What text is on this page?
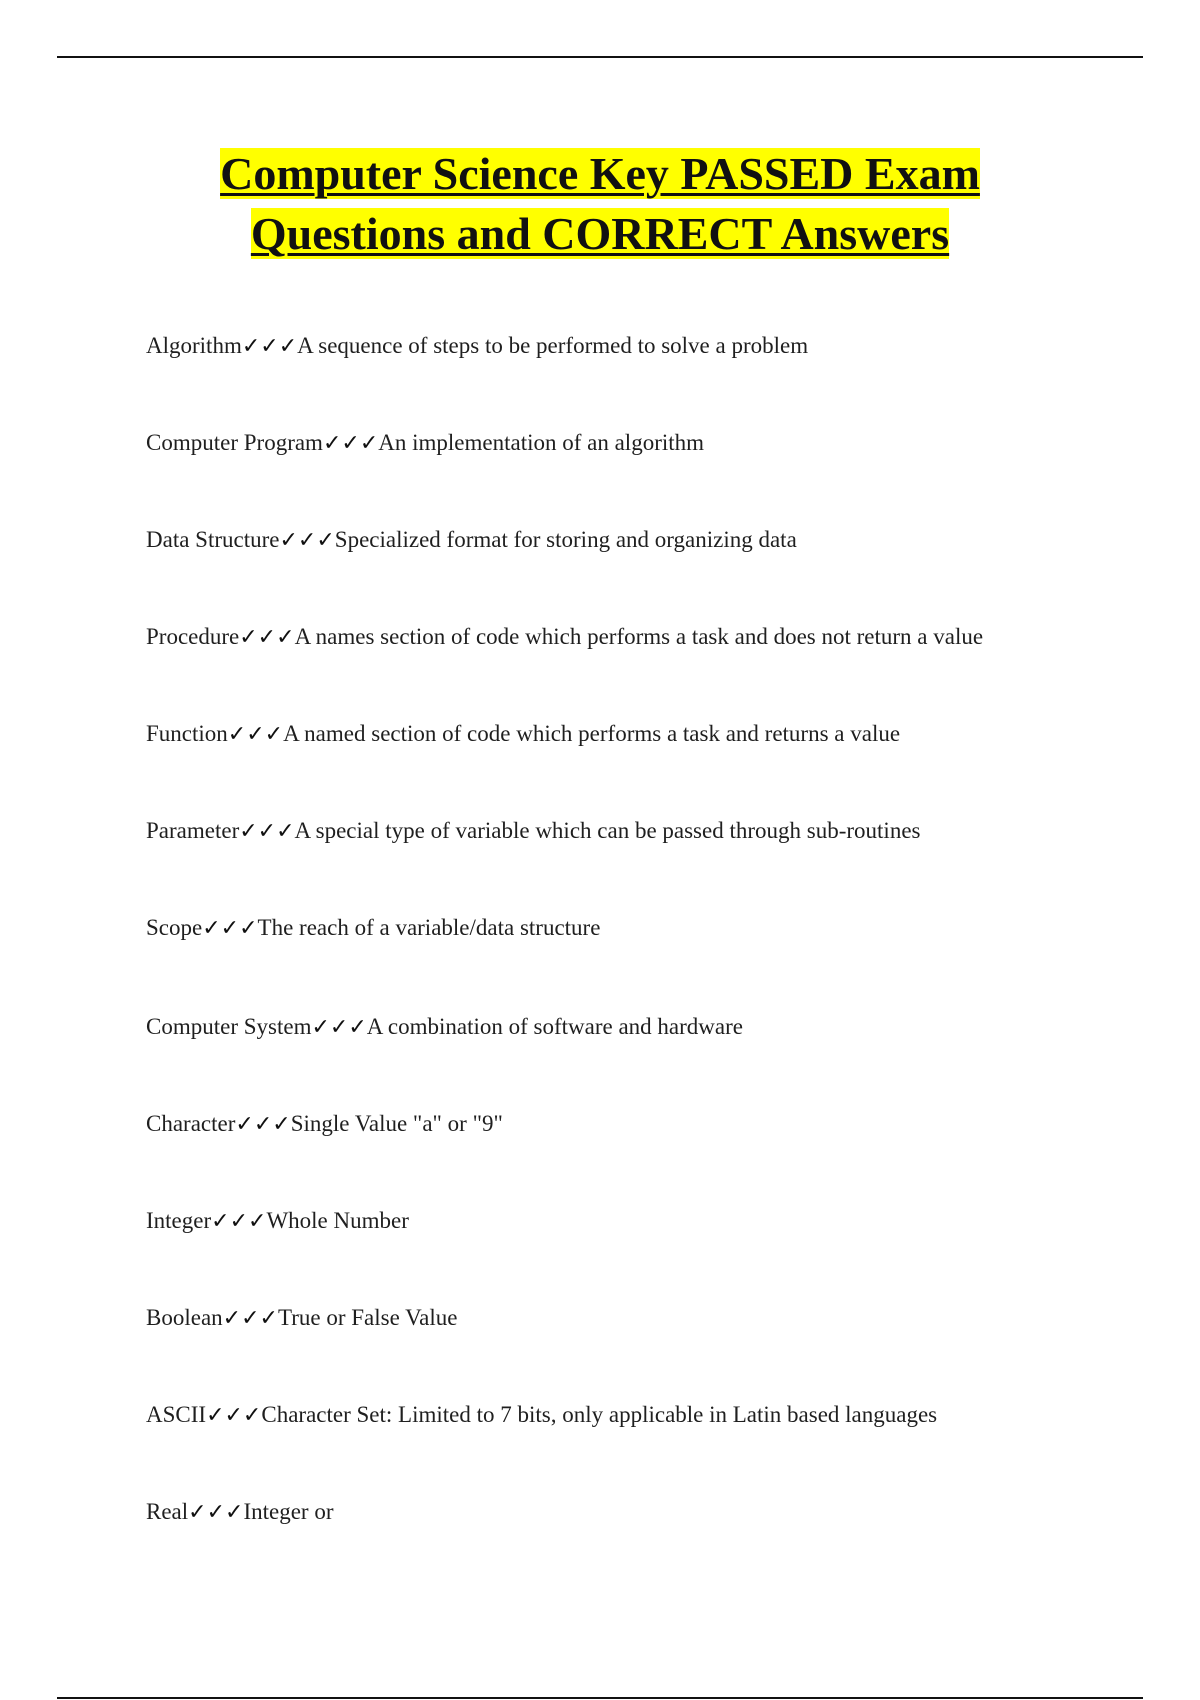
Computer Science Key PASSED Exam
Questions and CORRECT Answers
Algorithm✓✓✓A sequence of steps to be performed to solve a problem
Computer Program✓✓✓An implementation of an algorithm
Data Structure✓✓✓Specialized format for storing and organizing data
Procedure✓✓✓A names section of code which performs a task and does not return a value
Function✓✓✓A named section of code which performs a task and returns a value
Parameter✓✓✓A special type of variable which can be passed through sub-routines
Scope✓✓✓The reach of a variable/data structure
Computer System✓✓✓A combination of software and hardware
Character✓✓✓Single Value "a" or "9"
Integer✓✓✓Whole Number
Boolean✓✓✓True or False Value
ASCII✓✓✓Character Set: Limited to 7 bits, only applicable in Latin based languages
Real✓✓✓Integer or
